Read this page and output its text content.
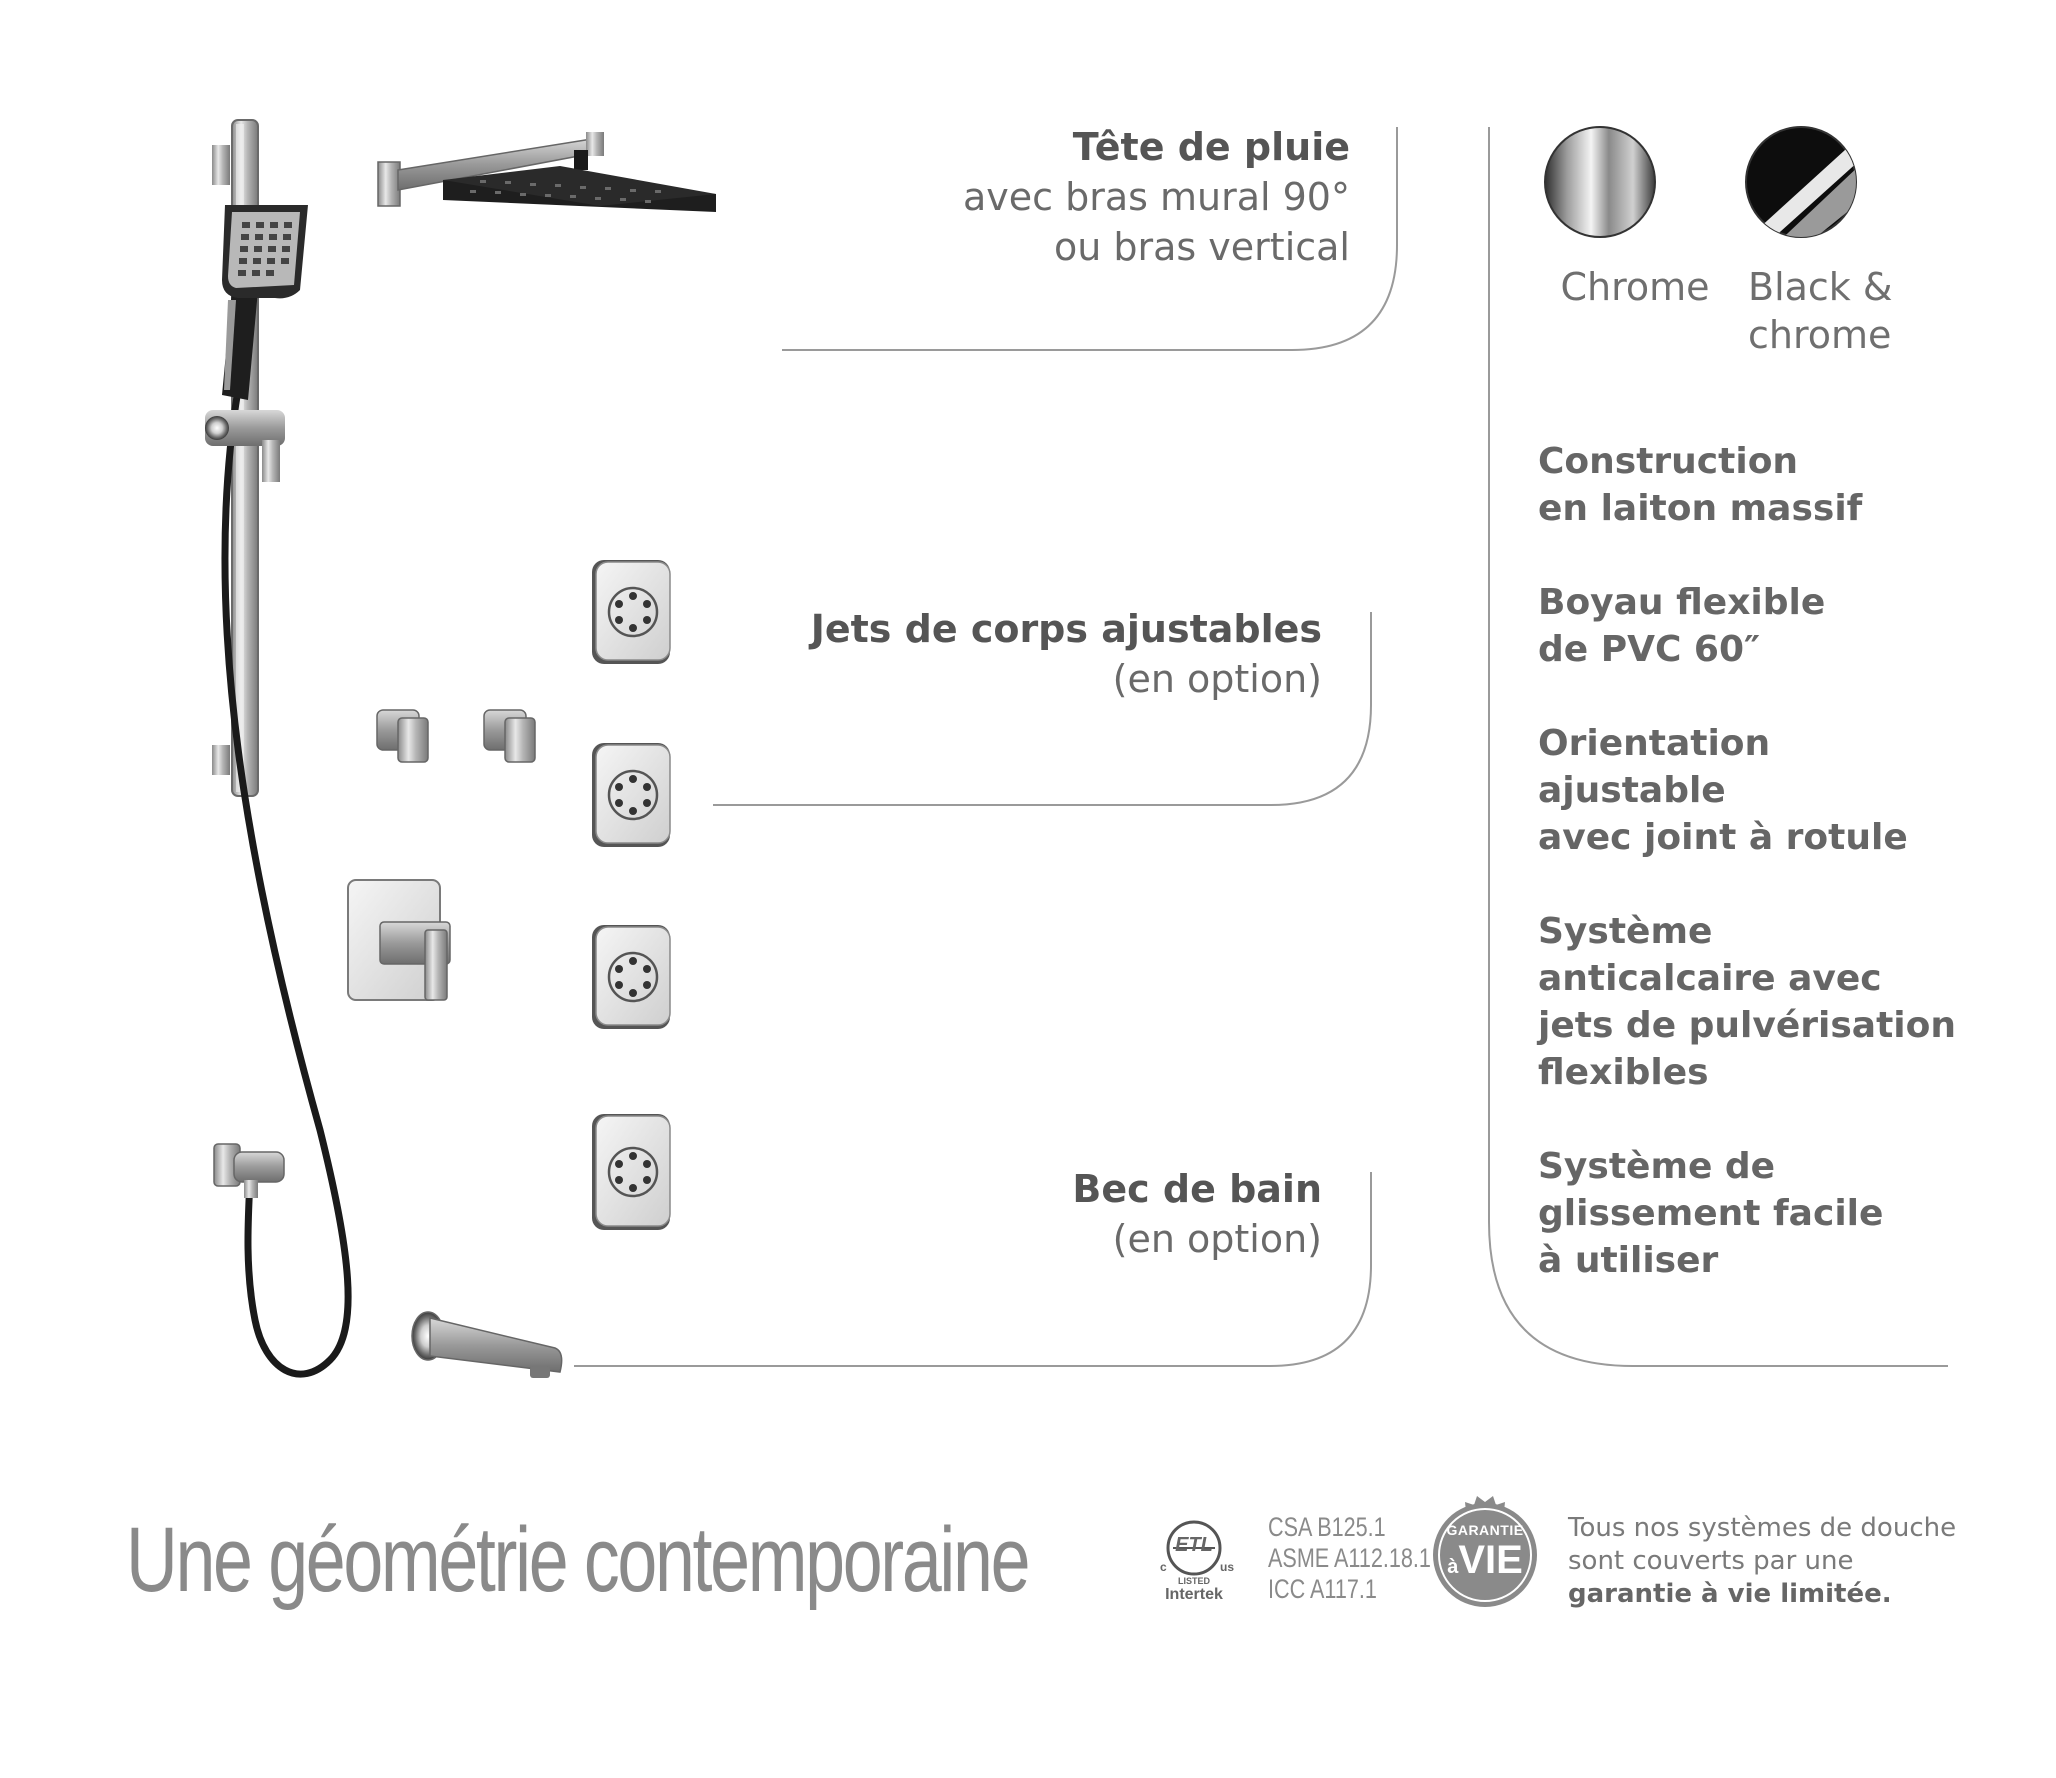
Tête de pluie
avec bras mural 90°
ou bras vertical
Jets de corps ajustables
(en option)
Bec de bain
(en option)
Chrome	Black &
chrome
Construction
en laiton massif
Boyau flexible
de PVC 60″
Orientation
ajustable
avec joint à rotule
Système
anticalcaire avec
jets de pulvérisation
flexibles
Système de
glissement facile
à utiliser
Une géométrie contemporaine	ETL
c	us
LISTED
Intertek
CSA B125.1
ASME A112.18.1
ICC A117.1
GARANTIE
àVIE
Tous nos systèmes de douche
sont couverts par une
garantie à vie limitée.
